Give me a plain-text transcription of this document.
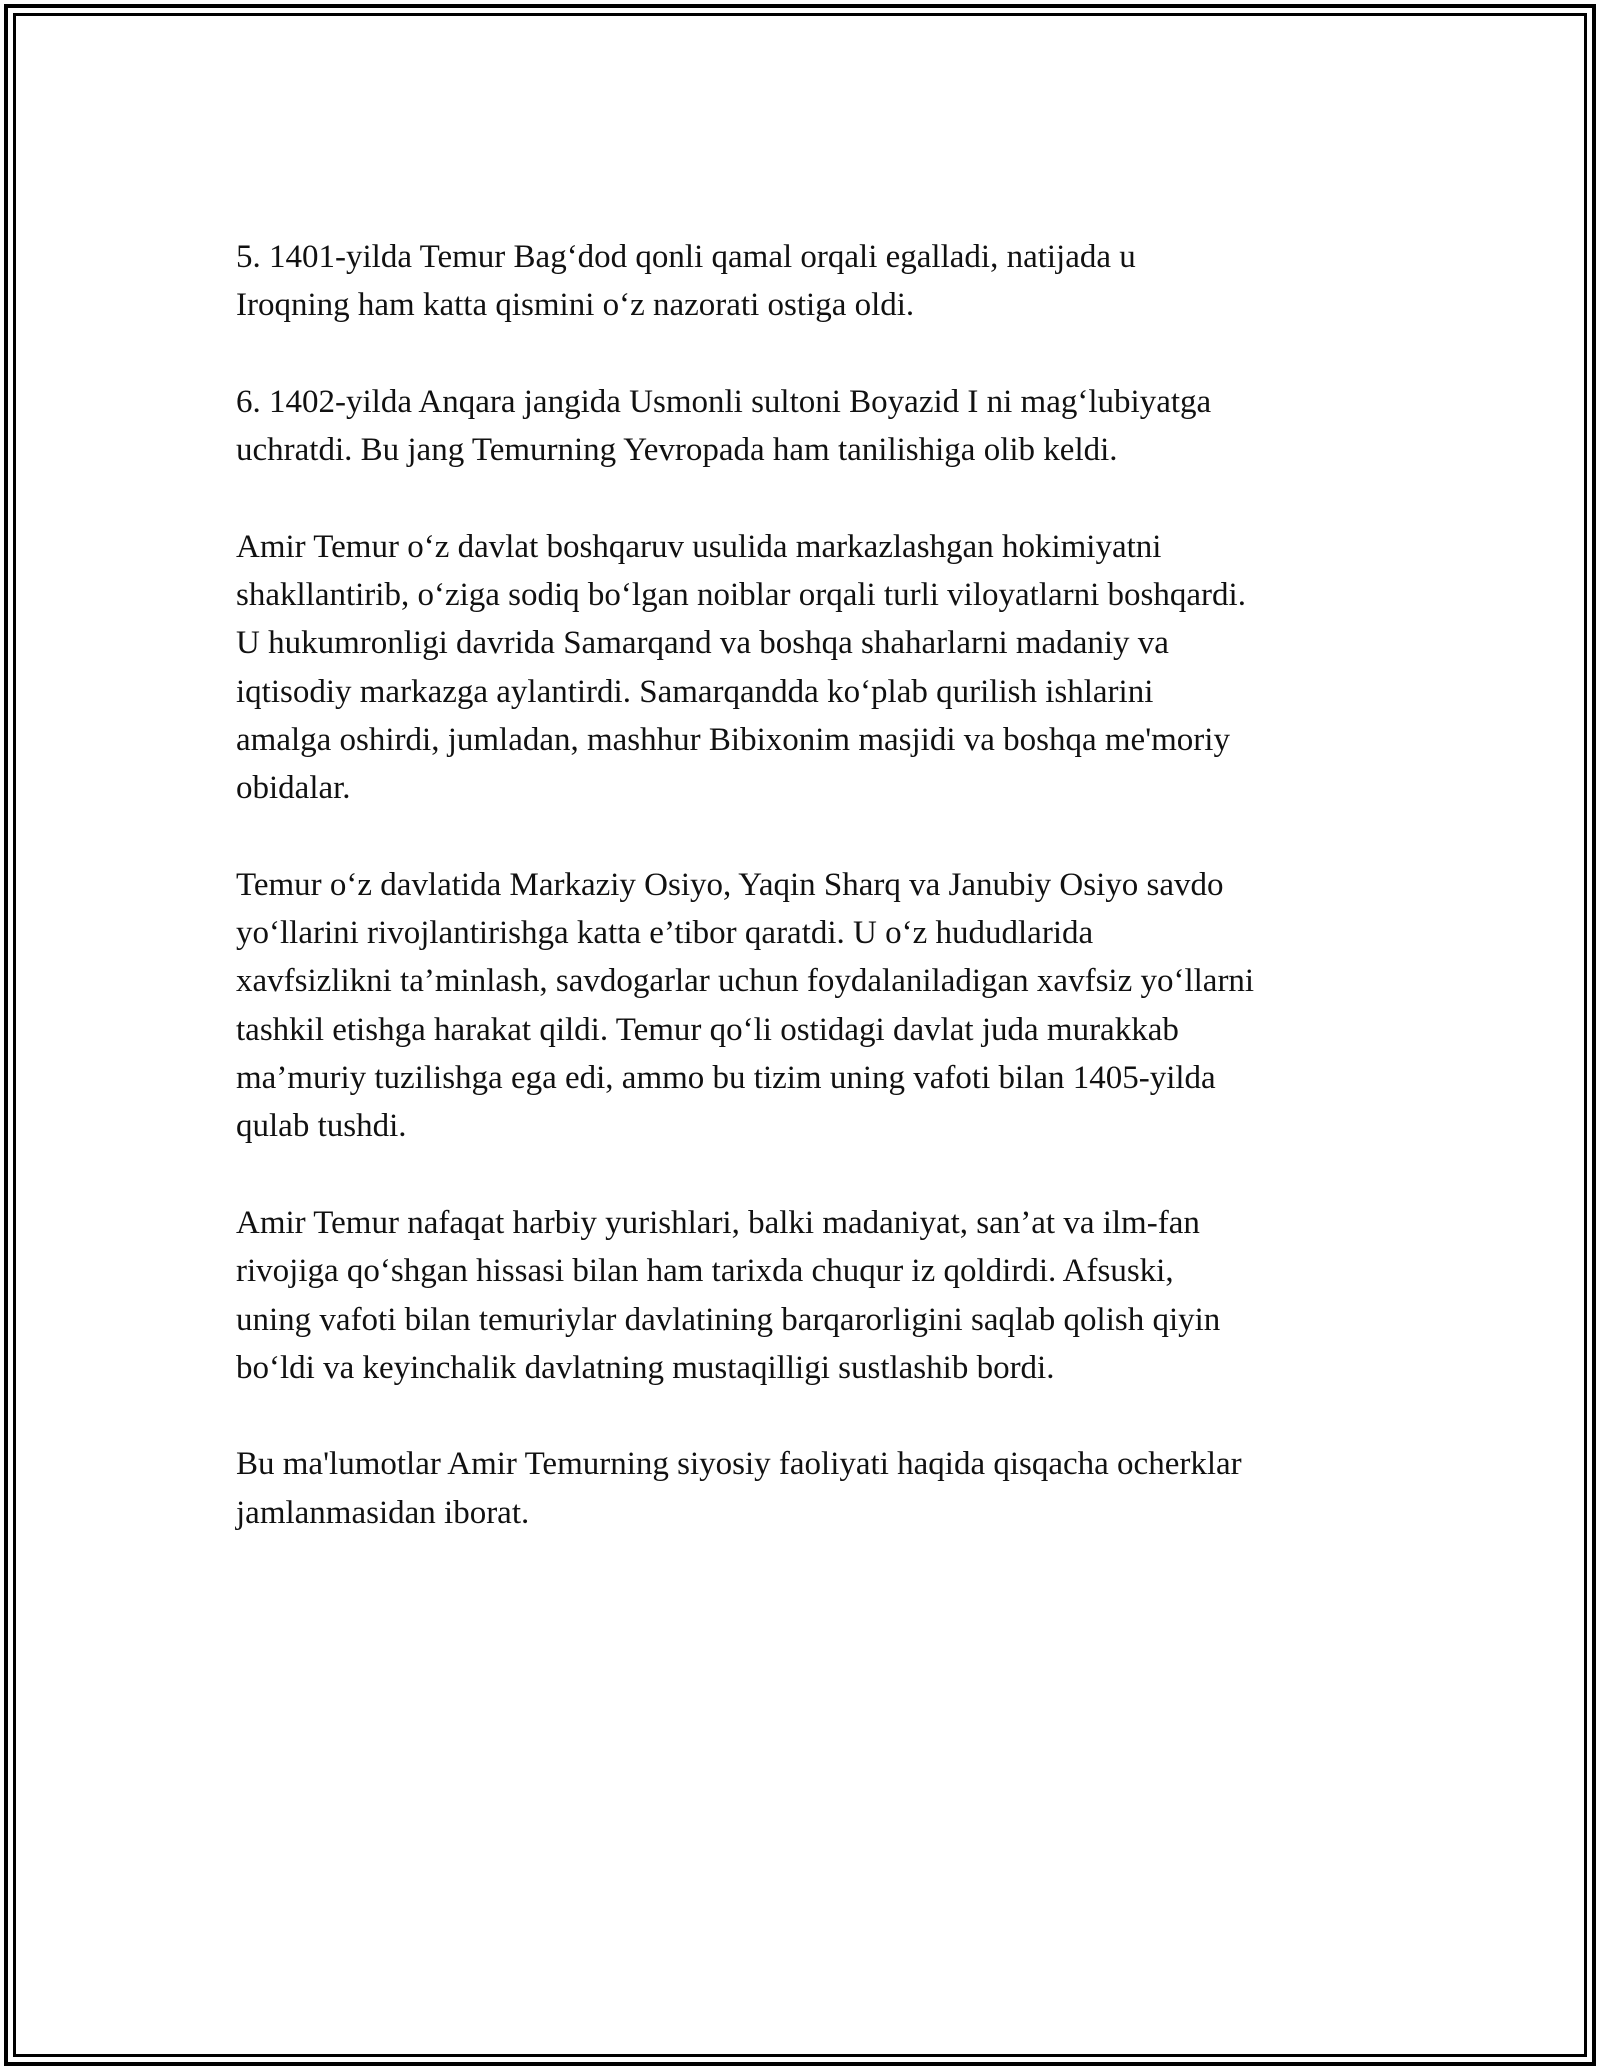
5. 1401-yilda Temur Bag‘dod qonli qamal orqali egalladi, natijada u
Iroqning ham katta qismini o‘z nazorati ostiga oldi.

6. 1402-yilda Anqara jangida Usmonli sultoni Boyazid I ni mag‘lubiyatga
uchratdi. Bu jang Temurning Yevropada ham tanilishiga olib keldi.

Amir Temur o‘z davlat boshqaruv usulida markazlashgan hokimiyatni
shakllantirib, o‘ziga sodiq bo‘lgan noiblar orqali turli viloyatlarni boshqardi.
U hukumronligi davrida Samarqand va boshqa shaharlarni madaniy va
iqtisodiy markazga aylantirdi. Samarqandda ko‘plab qurilish ishlarini
amalga oshirdi, jumladan, mashhur Bibixonim masjidi va boshqa me'moriy
obidalar.

Temur o‘z davlatida Markaziy Osiyo, Yaqin Sharq va Janubiy Osiyo savdo
yo‘llarini rivojlantirishga katta e’tibor qaratdi. U o‘z hududlarida
xavfsizlikni ta’minlash, savdogarlar uchun foydalaniladigan xavfsiz yo‘llarni
tashkil etishga harakat qildi. Temur qo‘li ostidagi davlat juda murakkab
ma’muriy tuzilishga ega edi, ammo bu tizim uning vafoti bilan 1405-yilda
qulab tushdi.

Amir Temur nafaqat harbiy yurishlari, balki madaniyat, san’at va ilm-fan
rivojiga qo‘shgan hissasi bilan ham tarixda chuqur iz qoldirdi. Afsuski,
uning vafoti bilan temuriylar davlatining barqarorligini saqlab qolish qiyin
bo‘ldi va keyinchalik davlatning mustaqilligi sustlashib bordi.

Bu ma'lumotlar Amir Temurning siyosiy faoliyati haqida qisqacha ocherklar
jamlanmasidan iborat.
